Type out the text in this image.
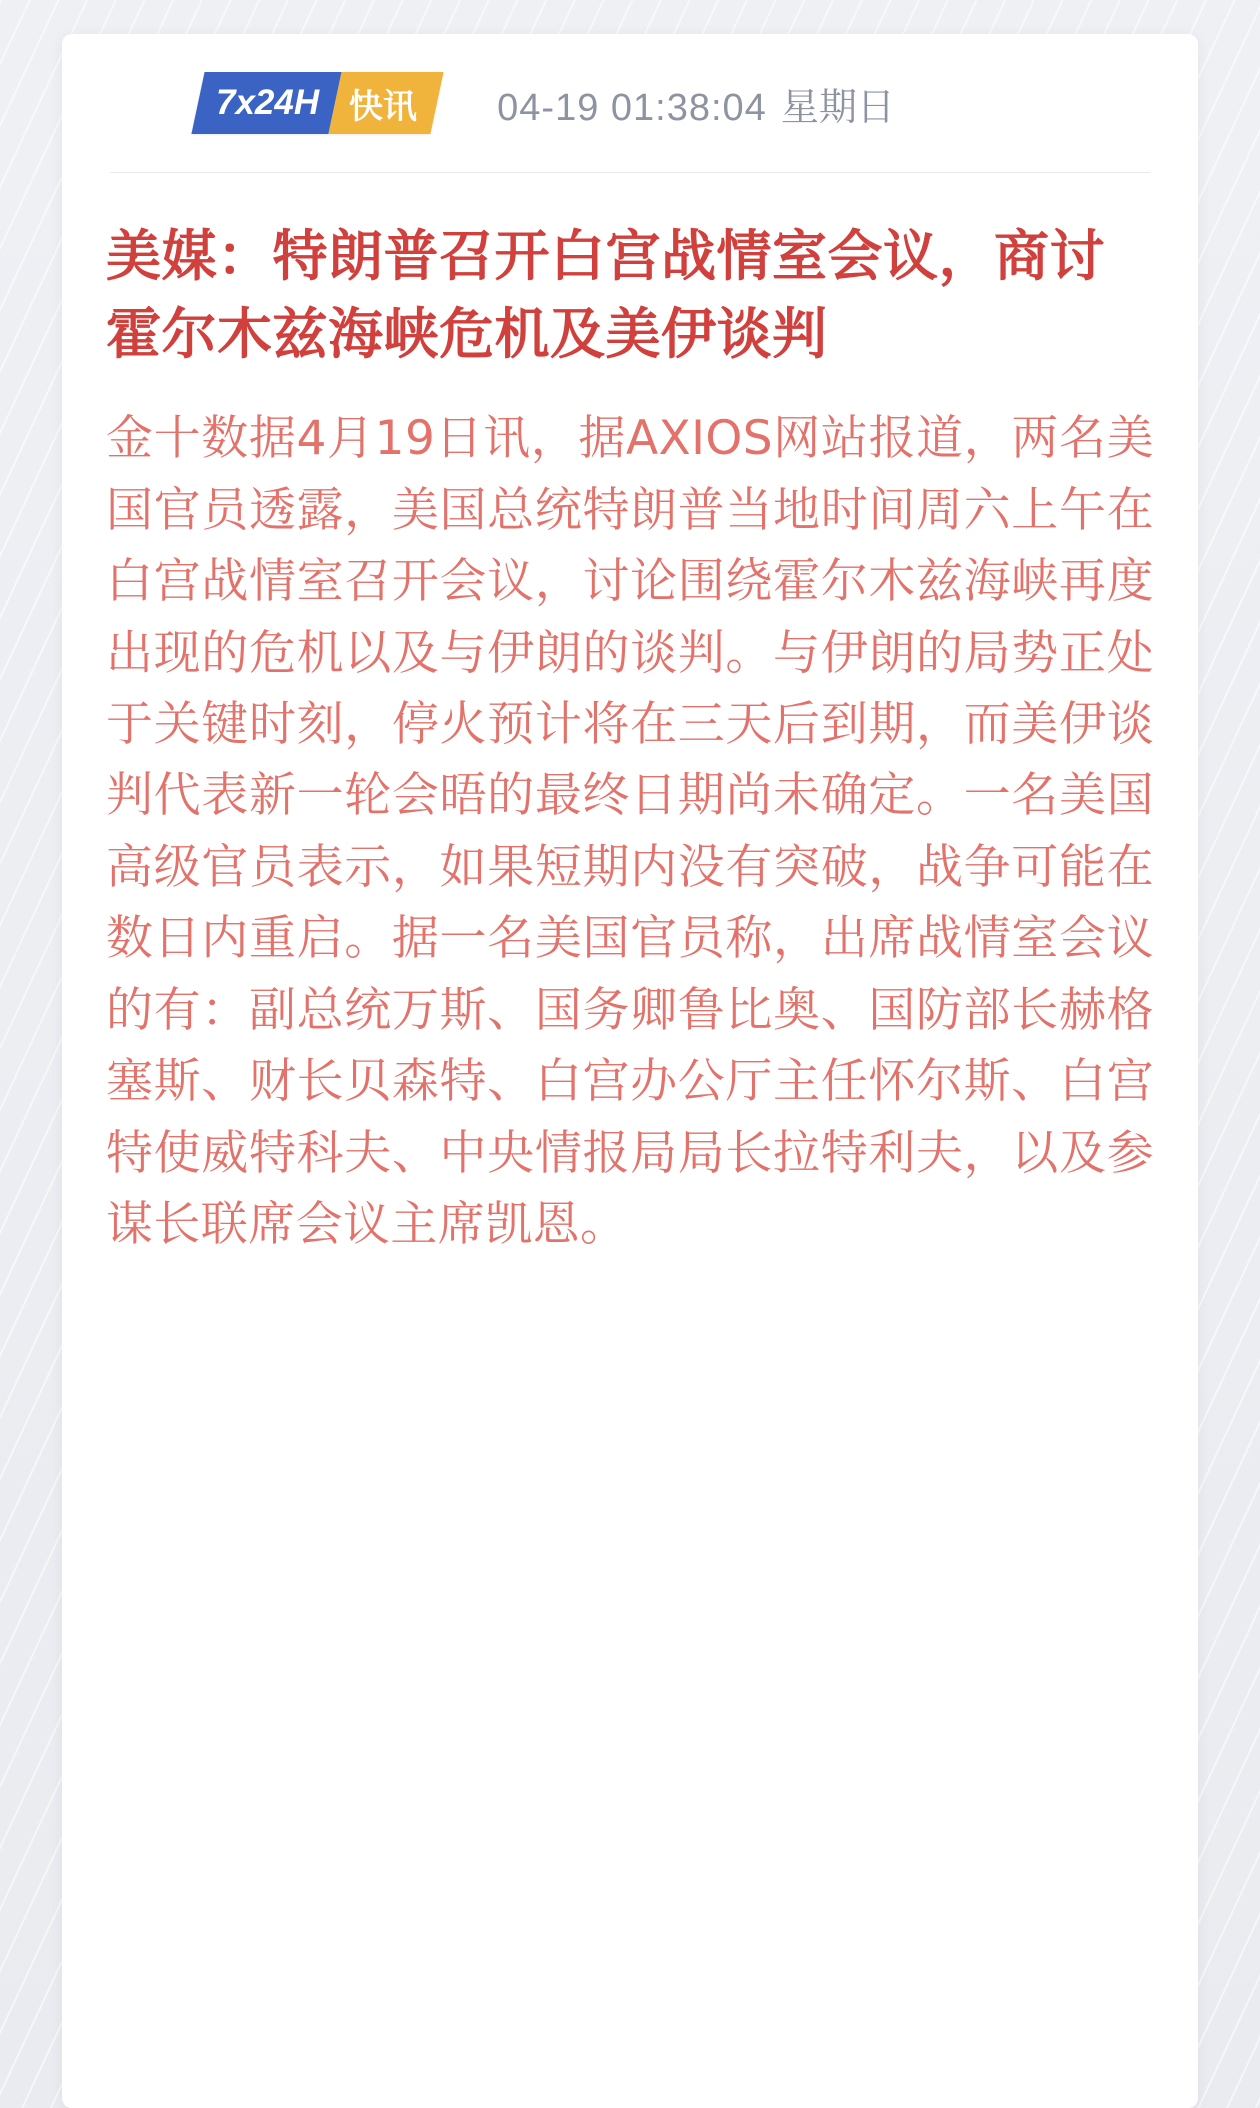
7x24H 快讯 04-19 01:38:04 星期日
美媒：特朗普召开白宫战情室会议，商讨霍尔木兹海峡危机及美伊谈判

金十数据4月19日讯，据AXIOS网站报道，两名美国官员透露，美国总统特朗普当地时间周六上午在白宫战情室召开会议，讨论围绕霍尔木兹海峡再度出现的危机以及与伊朗的谈判。与伊朗的局势正处于关键时刻，停火预计将在三天后到期，而美伊谈判代表新一轮会晤的最终日期尚未确定。一名美国高级官员表示，如果短期内没有突破，战争可能在数日内重启。据一名美国官员称，出席战情室会议的有：副总统万斯、国务卿鲁比奥、国防部长赫格塞斯、财长贝森特、白宫办公厅主任怀尔斯、白宫特使威特科夫、中央情报局局长拉特利夫，以及参谋长联席会议主席凯恩。
